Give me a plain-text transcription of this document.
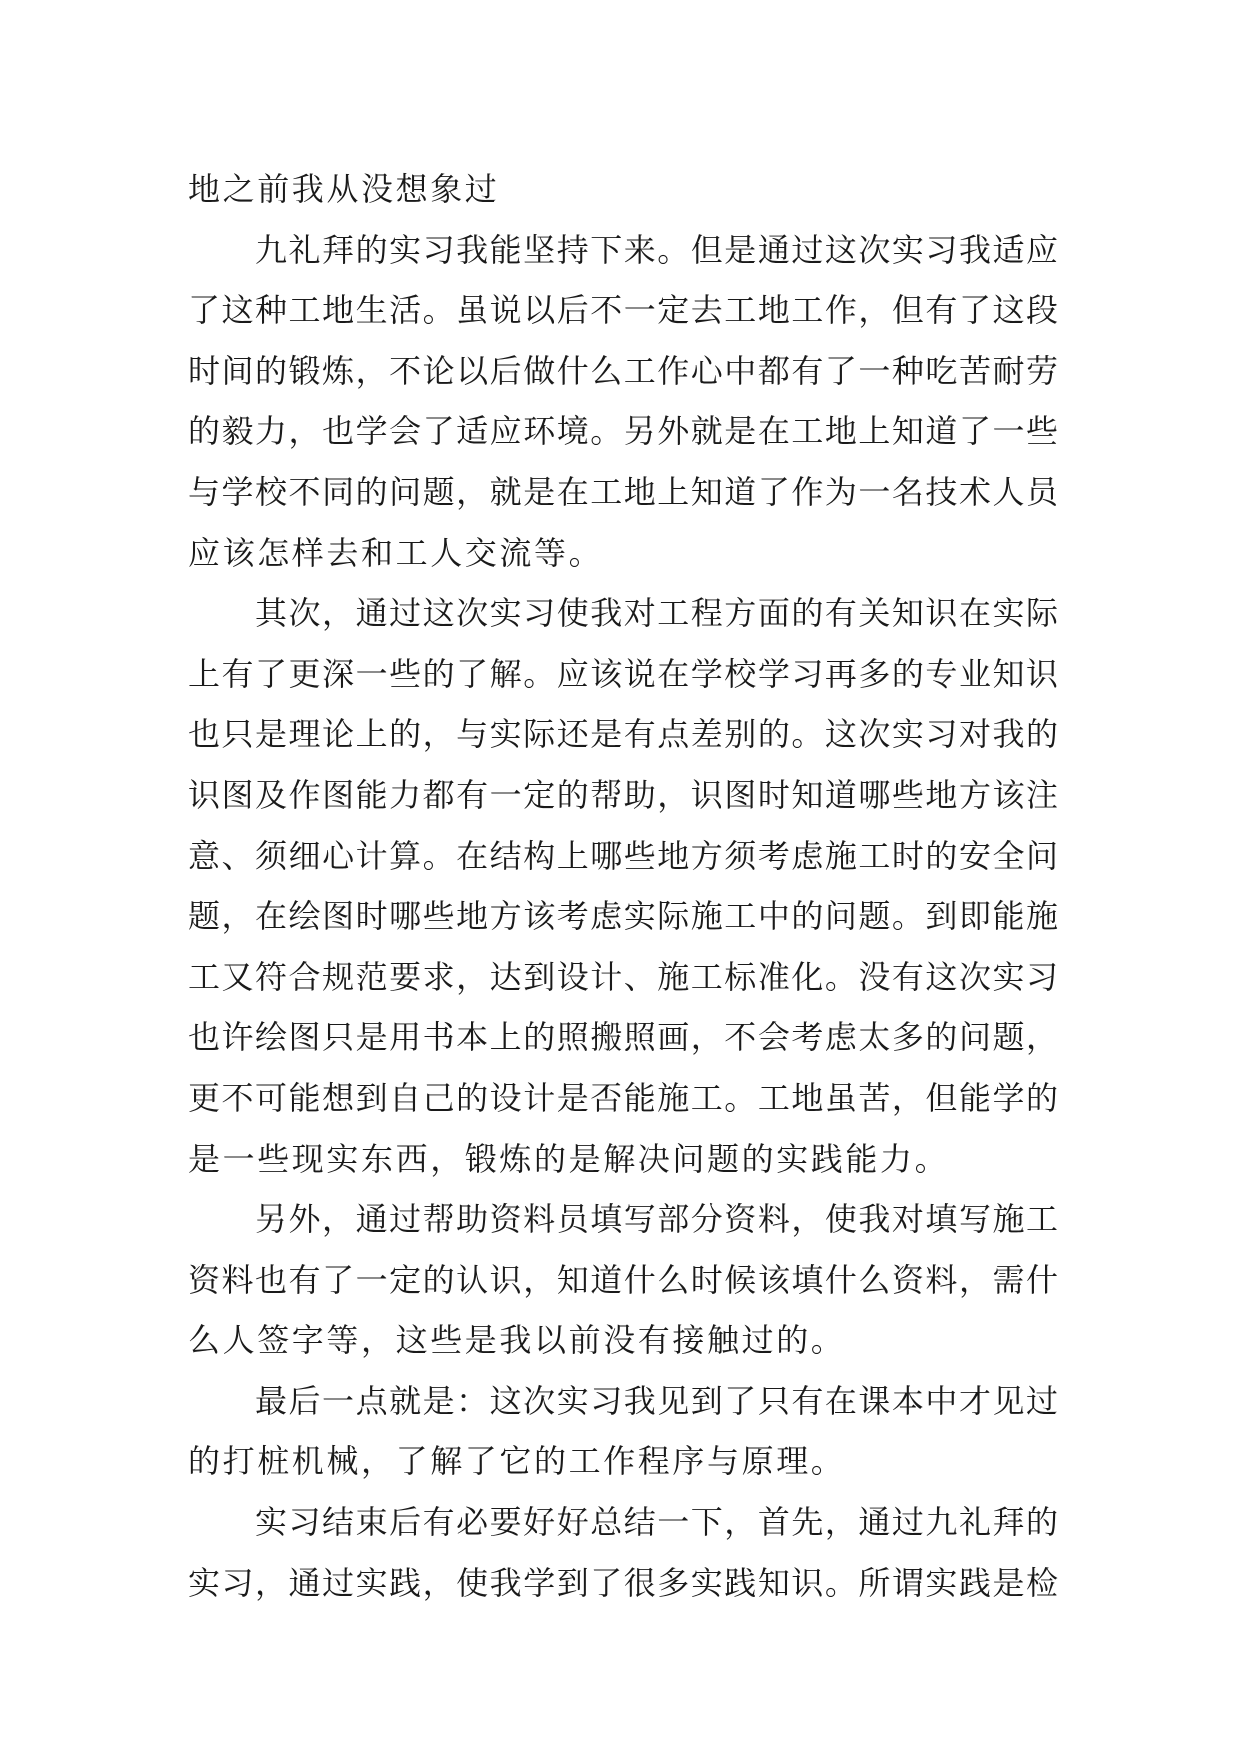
地之前我从没想象过
九礼拜的实习我能坚持下来。但是通过这次实习我适应
了这种工地生活。虽说以后不一定去工地工作，但有了这段
时间的锻炼，不论以后做什么工作心中都有了一种吃苦耐劳
的毅力，也学会了适应环境。另外就是在工地上知道了一些
与学校不同的问题，就是在工地上知道了作为一名技术人员
应该怎样去和工人交流等。
其次，通过这次实习使我对工程方面的有关知识在实际
上有了更深一些的了解。应该说在学校学习再多的专业知识
也只是理论上的，与实际还是有点差别的。这次实习对我的
识图及作图能力都有一定的帮助，识图时知道哪些地方该注
意、须细心计算。在结构上哪些地方须考虑施工时的安全问
题，在绘图时哪些地方该考虑实际施工中的问题。到即能施
工又符合规范要求，达到设计、施工标准化。没有这次实习
也许绘图只是用书本上的照搬照画，不会考虑太多的问题，
更不可能想到自己的设计是否能施工。工地虽苦，但能学的
是一些现实东西，锻炼的是解决问题的实践能力。
另外，通过帮助资料员填写部分资料，使我对填写施工
资料也有了一定的认识，知道什么时候该填什么资料，需什
么人签字等，这些是我以前没有接触过的。
最后一点就是：这次实习我见到了只有在课本中才见过
的打桩机械，了解了它的工作程序与原理。
实习结束后有必要好好总结一下，首先，通过九礼拜的
实习，通过实践，使我学到了很多实践知识。所谓实践是检
